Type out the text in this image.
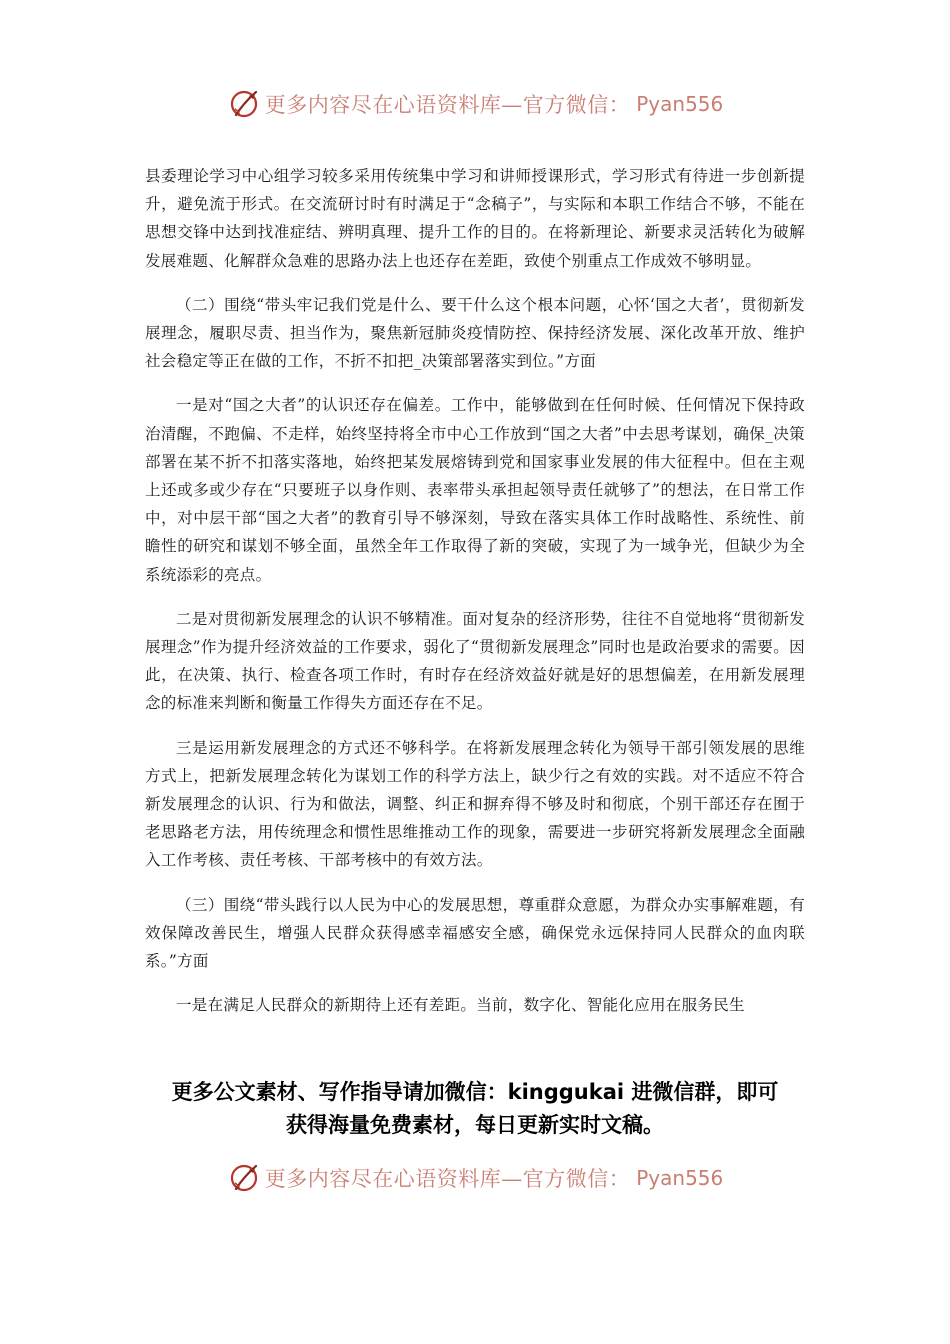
更多内容尽在心语资料库—官方微信： Pyan556

县委理论学习中心组学习较多采用传统集中学习和讲师授课形式，学习形式有待进一步创新提升，避免流于形式。在交流研讨时有时满足于“念稿子”，与实际和本职工作结合不够，不能在思想交锋中达到找准症结、辨明真理、提升工作的目的。在将新理论、新要求灵活转化为破解发展难题、化解群众急难的思路办法上也还存在差距，致使个别重点工作成效不够明显。

（二）围绕“带头牢记我们党是什么、要干什么这个根本问题，心怀‘国之大者’，贯彻新发展理念，履职尽责、担当作为，聚焦新冠肺炎疫情防控、保持经济发展、深化改革开放、维护社会稳定等正在做的工作，不折不扣把_决策部署落实到位。”方面

一是对“国之大者”的认识还存在偏差。工作中，能够做到在任何时候、任何情况下保持政治清醒，不跑偏、不走样，始终坚持将全市中心工作放到“国之大者”中去思考谋划，确保_决策部署在某不折不扣落实落地，始终把某发展熔铸到党和国家事业发展的伟大征程中。但在主观上还或多或少存在“只要班子以身作则、表率带头承担起领导责任就够了”的想法，在日常工作中，对中层干部“国之大者”的教育引导不够深刻，导致在落实具体工作时战略性、系统性、前瞻性的研究和谋划不够全面，虽然全年工作取得了新的突破，实现了为一域争光，但缺少为全系统添彩的亮点。

二是对贯彻新发展理念的认识不够精准。面对复杂的经济形势，往往不自觉地将“贯彻新发展理念”作为提升经济效益的工作要求，弱化了“贯彻新发展理念”同时也是政治要求的需要。因此，在决策、执行、检查各项工作时，有时存在经济效益好就是好的思想偏差，在用新发展理念的标准来判断和衡量工作得失方面还存在不足。

三是运用新发展理念的方式还不够科学。在将新发展理念转化为领导干部引领发展的思维方式上，把新发展理念转化为谋划工作的科学方法上，缺少行之有效的实践。对不适应不符合新发展理念的认识、行为和做法，调整、纠正和摒弃得不够及时和彻底，个别干部还存在囿于老思路老方法，用传统理念和惯性思维推动工作的现象，需要进一步研究将新发展理念全面融入工作考核、责任考核、干部考核中的有效方法。

（三）围绕“带头践行以人民为中心的发展思想，尊重群众意愿，为群众办实事解难题，有效保障改善民生，增强人民群众获得感幸福感安全感，确保党永远保持同人民群众的血肉联系。”方面

一是在满足人民群众的新期待上还有差距。当前，数字化、智能化应用在服务民生

更多公文素材、写作指导请加微信：kinggukai 进微信群，即可
获得海量免费素材，每日更新实时文稿。
更多内容尽在心语资料库—官方微信： Pyan556
